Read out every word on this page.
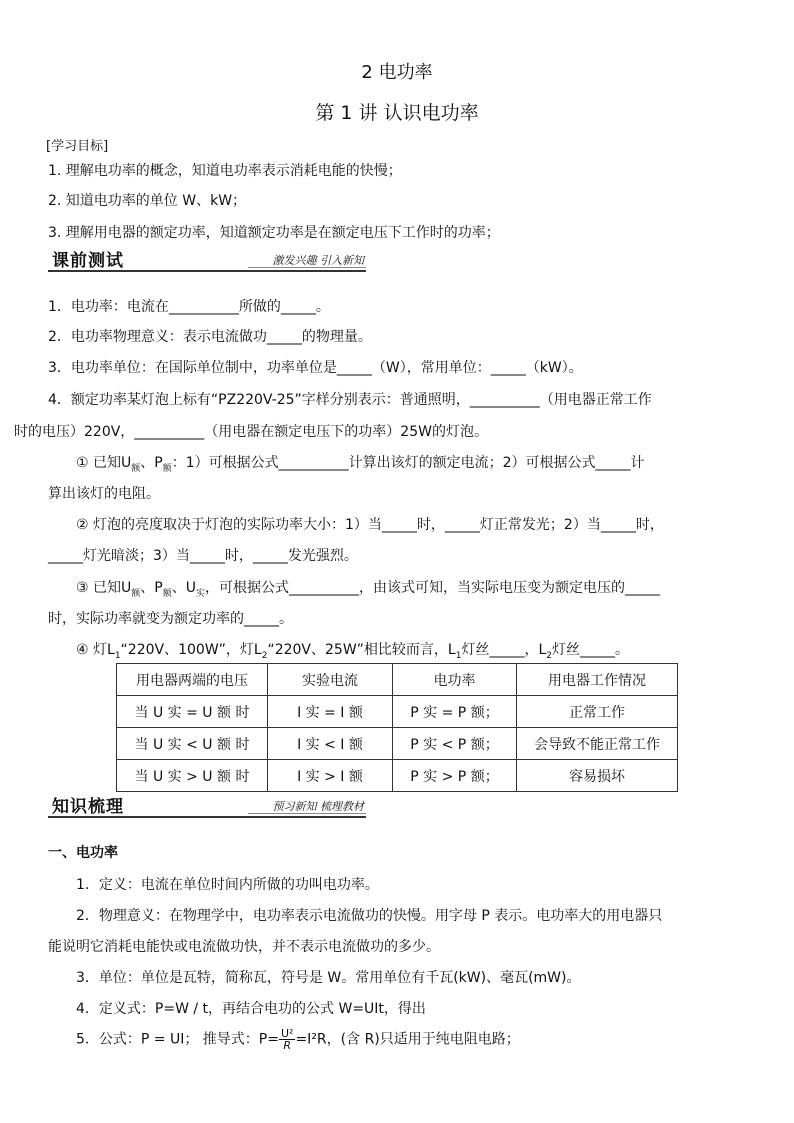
2 电功率
第 1 讲 认识电功率
[学习目标]
1. 理解电功率的概念，知道电功率表示消耗电能的快慢；
2. 知道电功率的单位 W、kW；
3. 理解用电器的额定功率，知道额定功率是在额定电压下工作时的功率；
课前测试	激发兴趣 引入新知
1．电功率：电流在__________所做的_____。
2．电功率物理意义：表示电流做功_____的物理量。
3．电功率单位：在国际单位制中，功率单位是_____（W），常用单位：_____（kW）。
4．额定功率某灯泡上标有“PZ220V-25”字样分别表示：普通照明，__________（用电器正常工作
时的电压）220V，__________（用电器在额定电压下的功率）25W的灯泡。
① 已知$U_额$、$P_额$：1）可根据公式__________计算出该灯的额定电流；2）可根据公式_____计
算出该灯的电阻。
② 灯泡的亮度取决于灯泡的实际功率大小：1）当_____时，_____灯正常发光；2）当_____时，
_____灯光暗淡；3）当_____时，_____发光强烈。
③ 已知$U_额$、$P_额$、$U_实$，可根据公式__________，由该式可知，当实际电压变为额定电压的_____
时，实际功率就变为额定功率的_____。
④ 灯$L_1“220V$、100W”，灯$L_2“220V$、25W”相比较而言，$L_1$灯丝_____，$L_2$灯丝_____。
用电器两端的电压	实验电流	电功率	用电器工作情况
当 U 实 = U 额 时	I 实 = I 额	P 实 = P 额；	正常工作
当 U 实 < U 额 时	I 实 < I 额	P 实 < P 额；	会导致不能正常工作
当 U 实 > U 额 时	I 实 > I 额	P 实 > P 额；	容易损坏
知识梳理	预习新知 梳理教材
一、电功率
1．定义：电流在单位时间内所做的功叫电功率。
2．物理意义：在物理学中，电功率表示电流做功的快慢。用字母 P 表示。电功率大的用电器只
能说明它消耗电能快或电流做功快，并不表示电流做功的多少。
3．单位：单位是瓦特，简称瓦，符号是 W。常用单位有千瓦(kW)、毫瓦(mW)。
4．定义式：P=W / t，再结合电功的公式 W=UIt，得出
5．公式：P = UI； 推导式：$P= \frac{\text{U²}}{R} =I^2R$，(含 R)只适用于纯电阻电路；
